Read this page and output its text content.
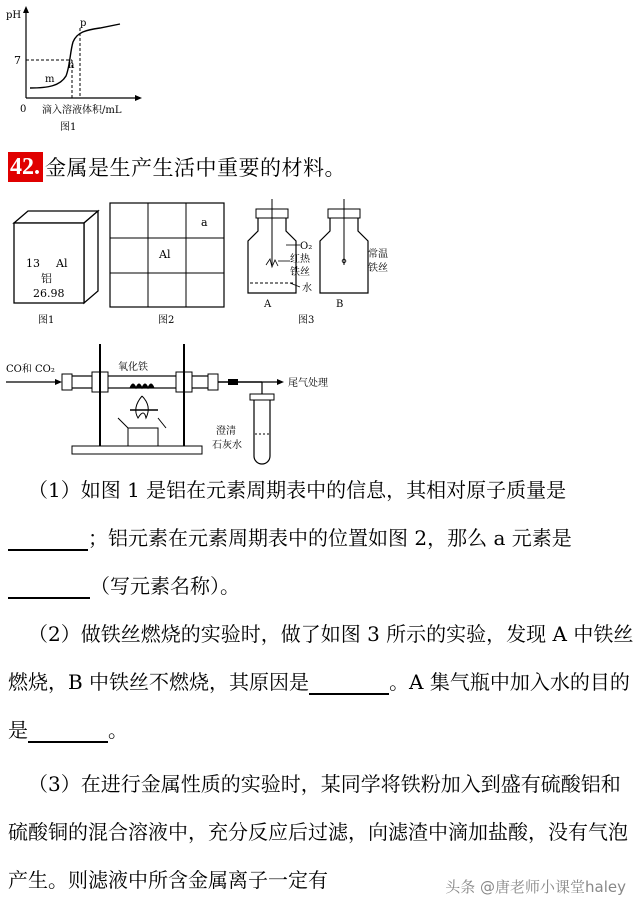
pH
7
0 滴入溶液体积/mL
p
n
m
图1
42. 金属是生产生活中重要的材料。
13 Al
铝
26.98
图1
a
Al
图2
O₂
红热
铁丝
水
常温
铁丝
A	B
图3
CO和 CO₂	氧化铁
尾气处理
澄清
石灰水
（1）如图 1 是铝在元素周期表中的信息，其相对原子质量是；铝元素在元素周期表中的位置如图 2，那么 a 元素是（写元素名称）。
（2）做铁丝燃烧的实验时，做了如图 3 所示的实验，发现 A 中铁丝燃烧，B 中铁丝不燃烧，其原因是	。A 集气瓶中加入水的目的是	。
（3）在进行金属性质的实验时，某同学将铁粉加入到盛有硫酸铝和硫酸铜的混合溶液中，充分反应后过滤，向滤渣中滴加盐酸，没有气泡产生。则滤液中所含金属离子一定有	头条 @唐老师小课堂haley
